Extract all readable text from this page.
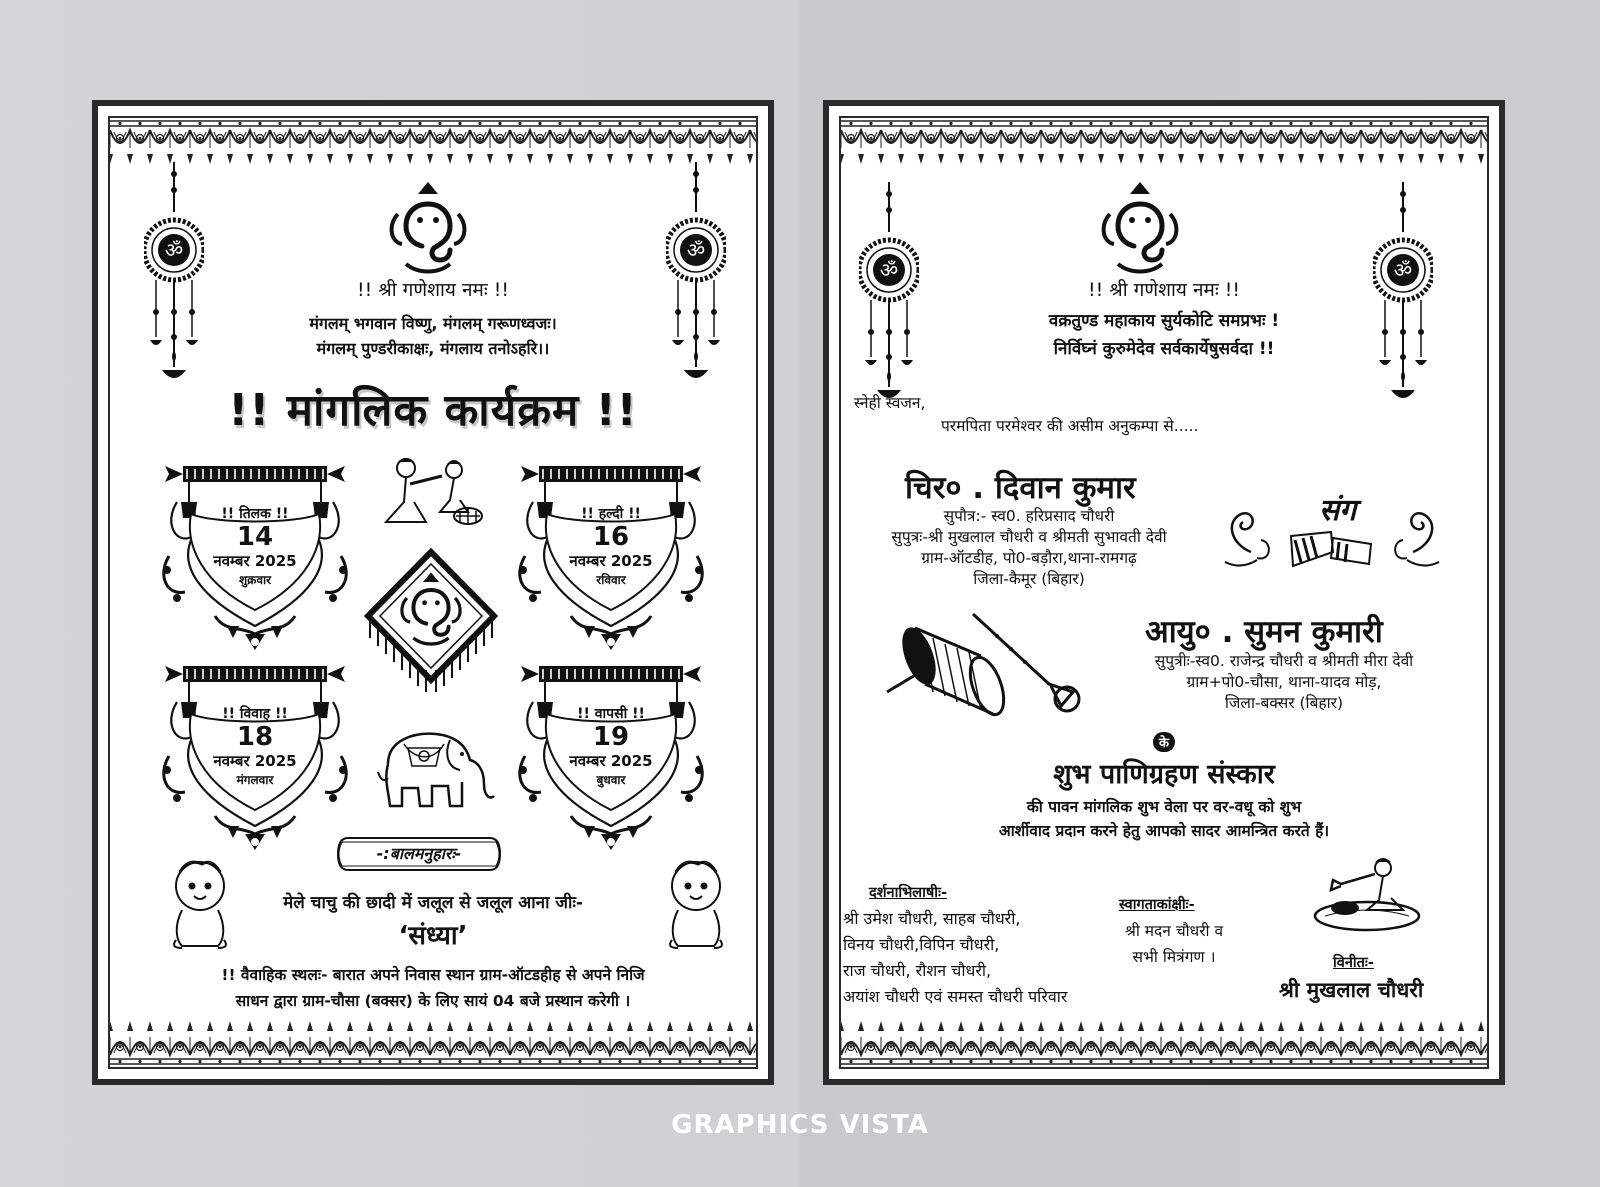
!! श्री गणेशाय नमः !!
मंगलम् भगवान विष्णु, मंगलम् गरूणध्वजः।
मंगलम् पुण्डरीकाक्षः, मंगलाय तनोऽहरि।।
!! मांगलिक कार्यक्रम !!
!! तिलक !!
14
नवम्बर 2025
शुक्रवार
!! हल्दी !!
16
नवम्बर 2025
रविवार
!! विवाह !!
18
नवम्बर 2025
मंगलवार
!! वापसी !!
19
नवम्बर 2025
बुधवार
-:बालमनुहारः-
मेले चाचु की छादी में जलूल से जलूल आना जीः-
‘संध्या’
!! वैवाहिक स्थलः- बारात अपने निवास स्थान ग्राम-ऑटडहीह से अपने निजि
साधन द्वारा ग्राम-चौसा (बक्सर) के लिए सायं 04 बजे प्रस्थान करेगी ।
!! श्री गणेशाय नमः !!
वक्रतुण्ड महाकाय सुर्यकोटि समप्रभः !
निर्विघ्नं कुरुमेदेव सर्वकार्येषुसर्वदा !!
स्नेही स्वजन,
परमपिता परमेश्वर की असीम अनुकम्पा से.....
चिर० . दिवान कुमार
सुपौत्र:- स्व0. हरिप्रसाद चौधरी
सुपुत्रः-श्री मुखलाल चौधरी व श्रीमती सुभावती देवी
ग्राम-ऑटडीह, पो0-बड़ौरा,थाना-रामगढ़
जिला-कैमूर (बिहार)
संग
आयु० . सुमन कुमारी
सुपुत्रीः-स्व0. राजेन्द्र चौधरी व श्रीमती मीरा देवी
ग्राम+पो0-चौसा, थाना-यादव मोड़,
जिला-बक्सर (बिहार)
के
शुभ पाणिग्रहण संस्कार
की पावन मांगलिक शुभ वेला पर वर-वधू को शुभ
आर्शीवाद प्रदान करने हेतु आपको सादर आमन्त्रित करते हैं।
दर्शनाभिलाषीः-
श्री उमेश चौधरी, साहब चौधरी,
विनय चौधरी,विपिन चौधरी,
राज चौधरी, रौशन चौधरी,
अयांश चौधरी एवं समस्त चौधरी परिवार
स्वागताकांक्षीः-
श्री मदन चौधरी व
सभी मित्रंगण ।	विनीतः-
श्री मुखलाल चौधरी
GRAPHICS VISTA
